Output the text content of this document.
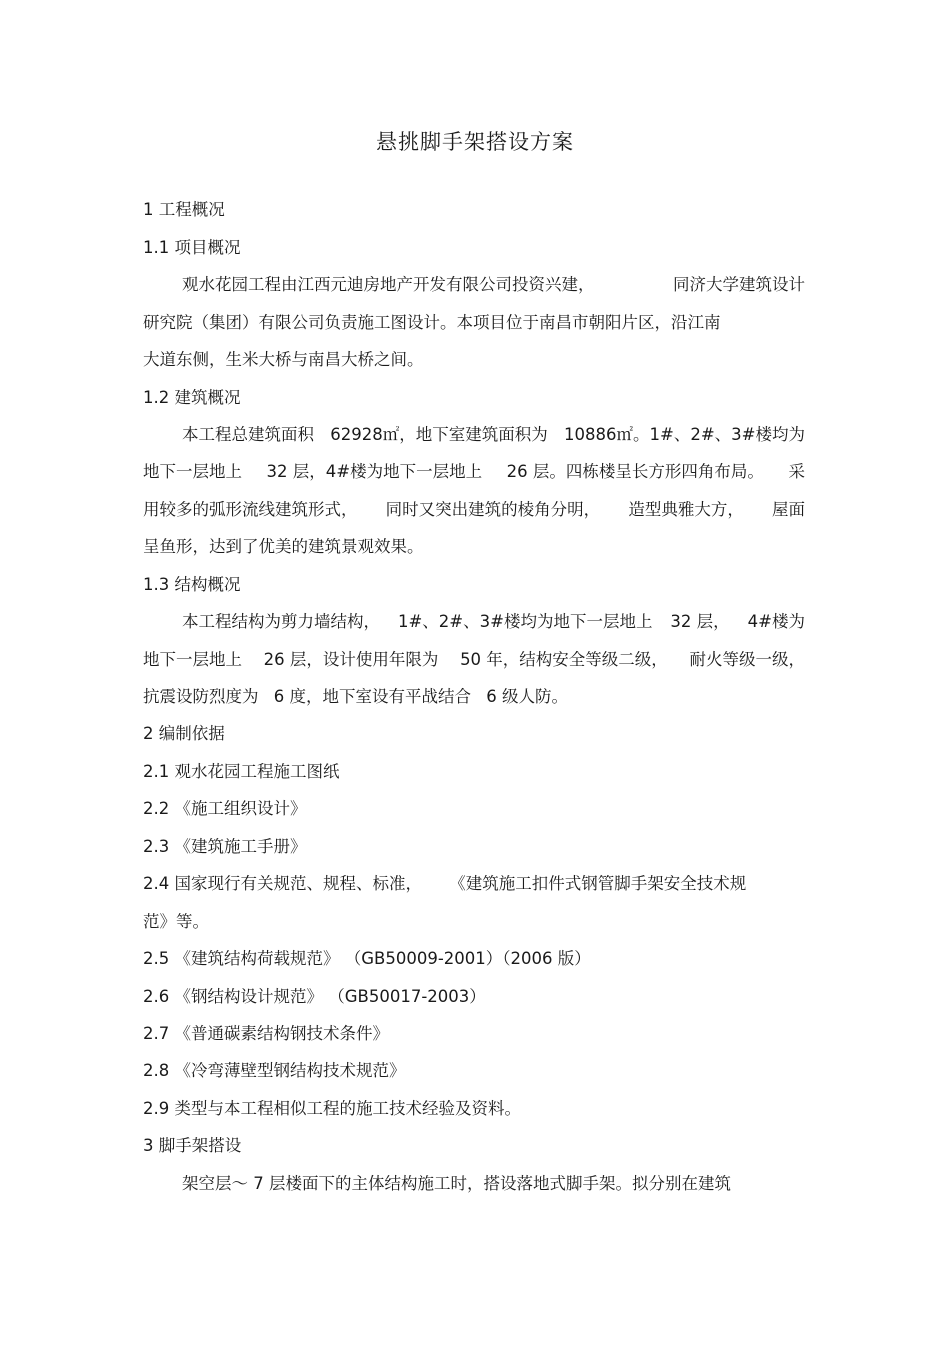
悬挑脚手架搭设方案
1 工程概况
1.1 项目概况
观水花园工程由江西元迪房地产开发有限公司投资兴建，	同济大学建筑设计
研究院（集团）有限公司负责施工图设计。本项目位于南昌市朝阳片区，沿江南
大道东侧，生米大桥与南昌大桥之间。
1.2 建筑概况
本工程总建筑面积 62928㎡，地下室建筑面积为 10886㎡。1#、2#、3#楼均为
地下一层地上 32 层，4#楼为地下一层地上 26 层。四栋楼呈长方形四角布局。 采
用较多的弧形流线建筑形式， 同时又突出建筑的棱角分明， 造型典雅大方， 屋面
呈鱼形，达到了优美的建筑景观效果。
1.3 结构概况
本工程结构为剪力墙结构， 1#、2#、3#楼均为地下一层地上 32 层， 4#楼为
地下一层地上 26 层，设计使用年限为 50 年，结构安全等级二级， 耐火等级一级，
抗震设防烈度为 6 度，地下室设有平战结合 6 级人防。
2 编制依据
2.1 观水花园工程施工图纸
2.2 《施工组织设计》
2.3 《建筑施工手册》
2.4 国家现行有关规范、规程、标准， 《建筑施工扣件式钢管脚手架安全技术规
范》等。
2.5 《建筑结构荷载规范》 （GB50009-2001）（2006 版）
2.6 《钢结构设计规范》 （GB50017-2003）
2.7 《普通碳素结构钢技术条件》
2.8 《冷弯薄壁型钢结构技术规范》
2.9 类型与本工程相似工程的施工技术经验及资料。
3 脚手架搭设
架空层～ 7 层楼面下的主体结构施工时，搭设落地式脚手架。拟分别在建筑
